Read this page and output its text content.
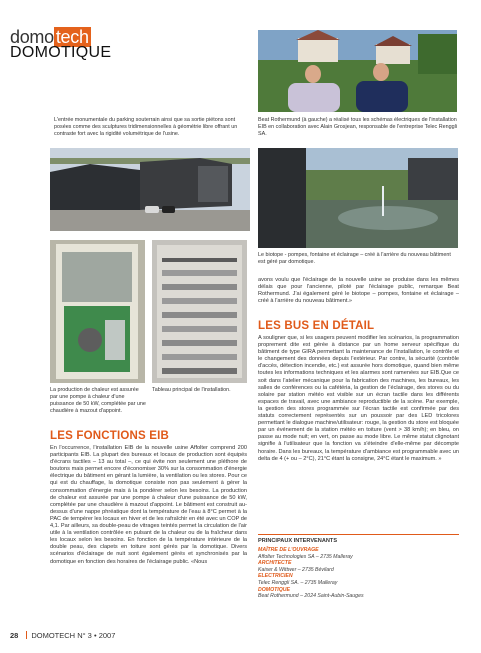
domo tech
DOMOTIQUE
L'entrée monumentale du parking souterrain ainsi que sa sortie piétons sont posées comme des sculptures tridimensionnelles à géométrie libre offrant un contraste fort avec la rigidité volumétrique de l'usine.
Beat Rothermund (à gauche) a réalisé tous les schémas électriques de l'installation EIB en collaboration avec Alain Grosjean, responsable de l'entreprise Telec Renggli SA.
Le biotope - pompes, fontaine et éclairage – créé à l'arrière du nouveau bâtiment est géré par domotique.
La production de chaleur est assurée par une pompe à chaleur d'une puissance de 50 kW, complétée par une chaudière à mazout d'appoint.
Tableau principal de l'installation.
avons voulu que l'éclairage de la nouvelle usine se produise dans les mêmes délais que pour l'ancienne, piloté par l'éclairage public, remarque Beat Rothermund. J'ai également géré le biotope – pompes, fontaine et éclairage – créé à l'arrière du nouveau bâtiment.»
LES BUS EN DÉTAIL
A souligner que, si les usagers peuvent modifier les scénarios, la programmation proprement dite est gérée à distance par un home serveur spécifique du bâtiment de type GIRA permettant la maintenance de l'installation, le contrôle et le changement des données depuis l'extérieur. Par contre, la sécurité (contrôle d'accès, détection incendie, etc.) est assurée hors domotique, quand bien même toutes les informations techniques et les alarmes sont ramenées sur EIB.Que ce soit dans l'atelier mécanique pour la fabrication des machines, les bureaux, les salles de conférences ou la cafétéria, la gestion de l'éclairage, des stores ou du solaire par station météo est visible sur un écran tactile dans les différents espaces de travail, avec une ambiance reproductible de la scène. Par exemple, la gestion des stores programmée sur l'écran tactile est confirmée par des statuts correctement représentés sur un poussoir par des LED tricolores permettant le dialogue machine/utilisateur: rouge, la gestion du store est bloquée par un événement de la station météo en toiture (vent > 38 km/h); en bleu, on passe au mode nuit; en vert, on passe au mode libre. Le même statut clignotant signifie à l'utilisateur que la fonction va s'éteindre d'elle-même par décompte horaire. Dans les bureaux, la température d'ambiance est programmable avec un delta de 4 (+ ou – 2°C), 21°C étant la consigne, 24°C étant le maximum. »
PRINCIPAUX INTERVENANTS
MAÎTRE DE L'OUVRAGE
Affolter Technologies SA – 2735 Malleray
ARCHITECTE
Kaiser & Wittwer – 2735 Bévilard
ELECTRICIEN
Telec Renggli SA. – 2735 Malleray
DOMOTIQUE
Beat Rothermund – 2024 Saint-Aubin-Sauges
LES FONCTIONS EIB
En l'occurrence, l'installation EIB de la nouvelle usine Affolter comprend 200 participants EIB. La plupart des bureaux et locaux de production sont équipés d'écrans tactiles – 13 au total –, ce qui évite non seulement une pléthore de boutons mais permet encore d'économiser 30% sur la consommation d'énergie électrique du bâtiment en gérant la lumière, la ventilation ou les stores. Pour ce qui est du chauffage, la domotique consiste non pas seulement à gérer la consommation d'énergie mais à la pondérer selon les besoins. La production de chaleur est assurée par une pompe à chaleur d'une puissance de 50 kW, complétée par une chaudière à mazout d'appoint. Le bâtiment est construit au-dessus d'une nappe phréatique dont la température de l'eau à 8°C permet à la PAC de tempérer les locaux en hiver et de les rafraîchir en été avec un COP de 4,1. Par ailleurs, sa double-peau de vitrages teintés permet la circulation de l'air utile à la ventilation contrôlée en pulsant de la chaleur ou de la fraîcheur dans les locaux selon les besoins. En fonction de la température intérieure de la double peau, des clapets en toiture sont gérés par la domotique. Divers scénarios d'éclairage de nuit sont également gérés et synchronisés par la domotique en fonction des horaires de l'éclairage public. «Nous
28 DOMOTECH N° 3 • 2007
